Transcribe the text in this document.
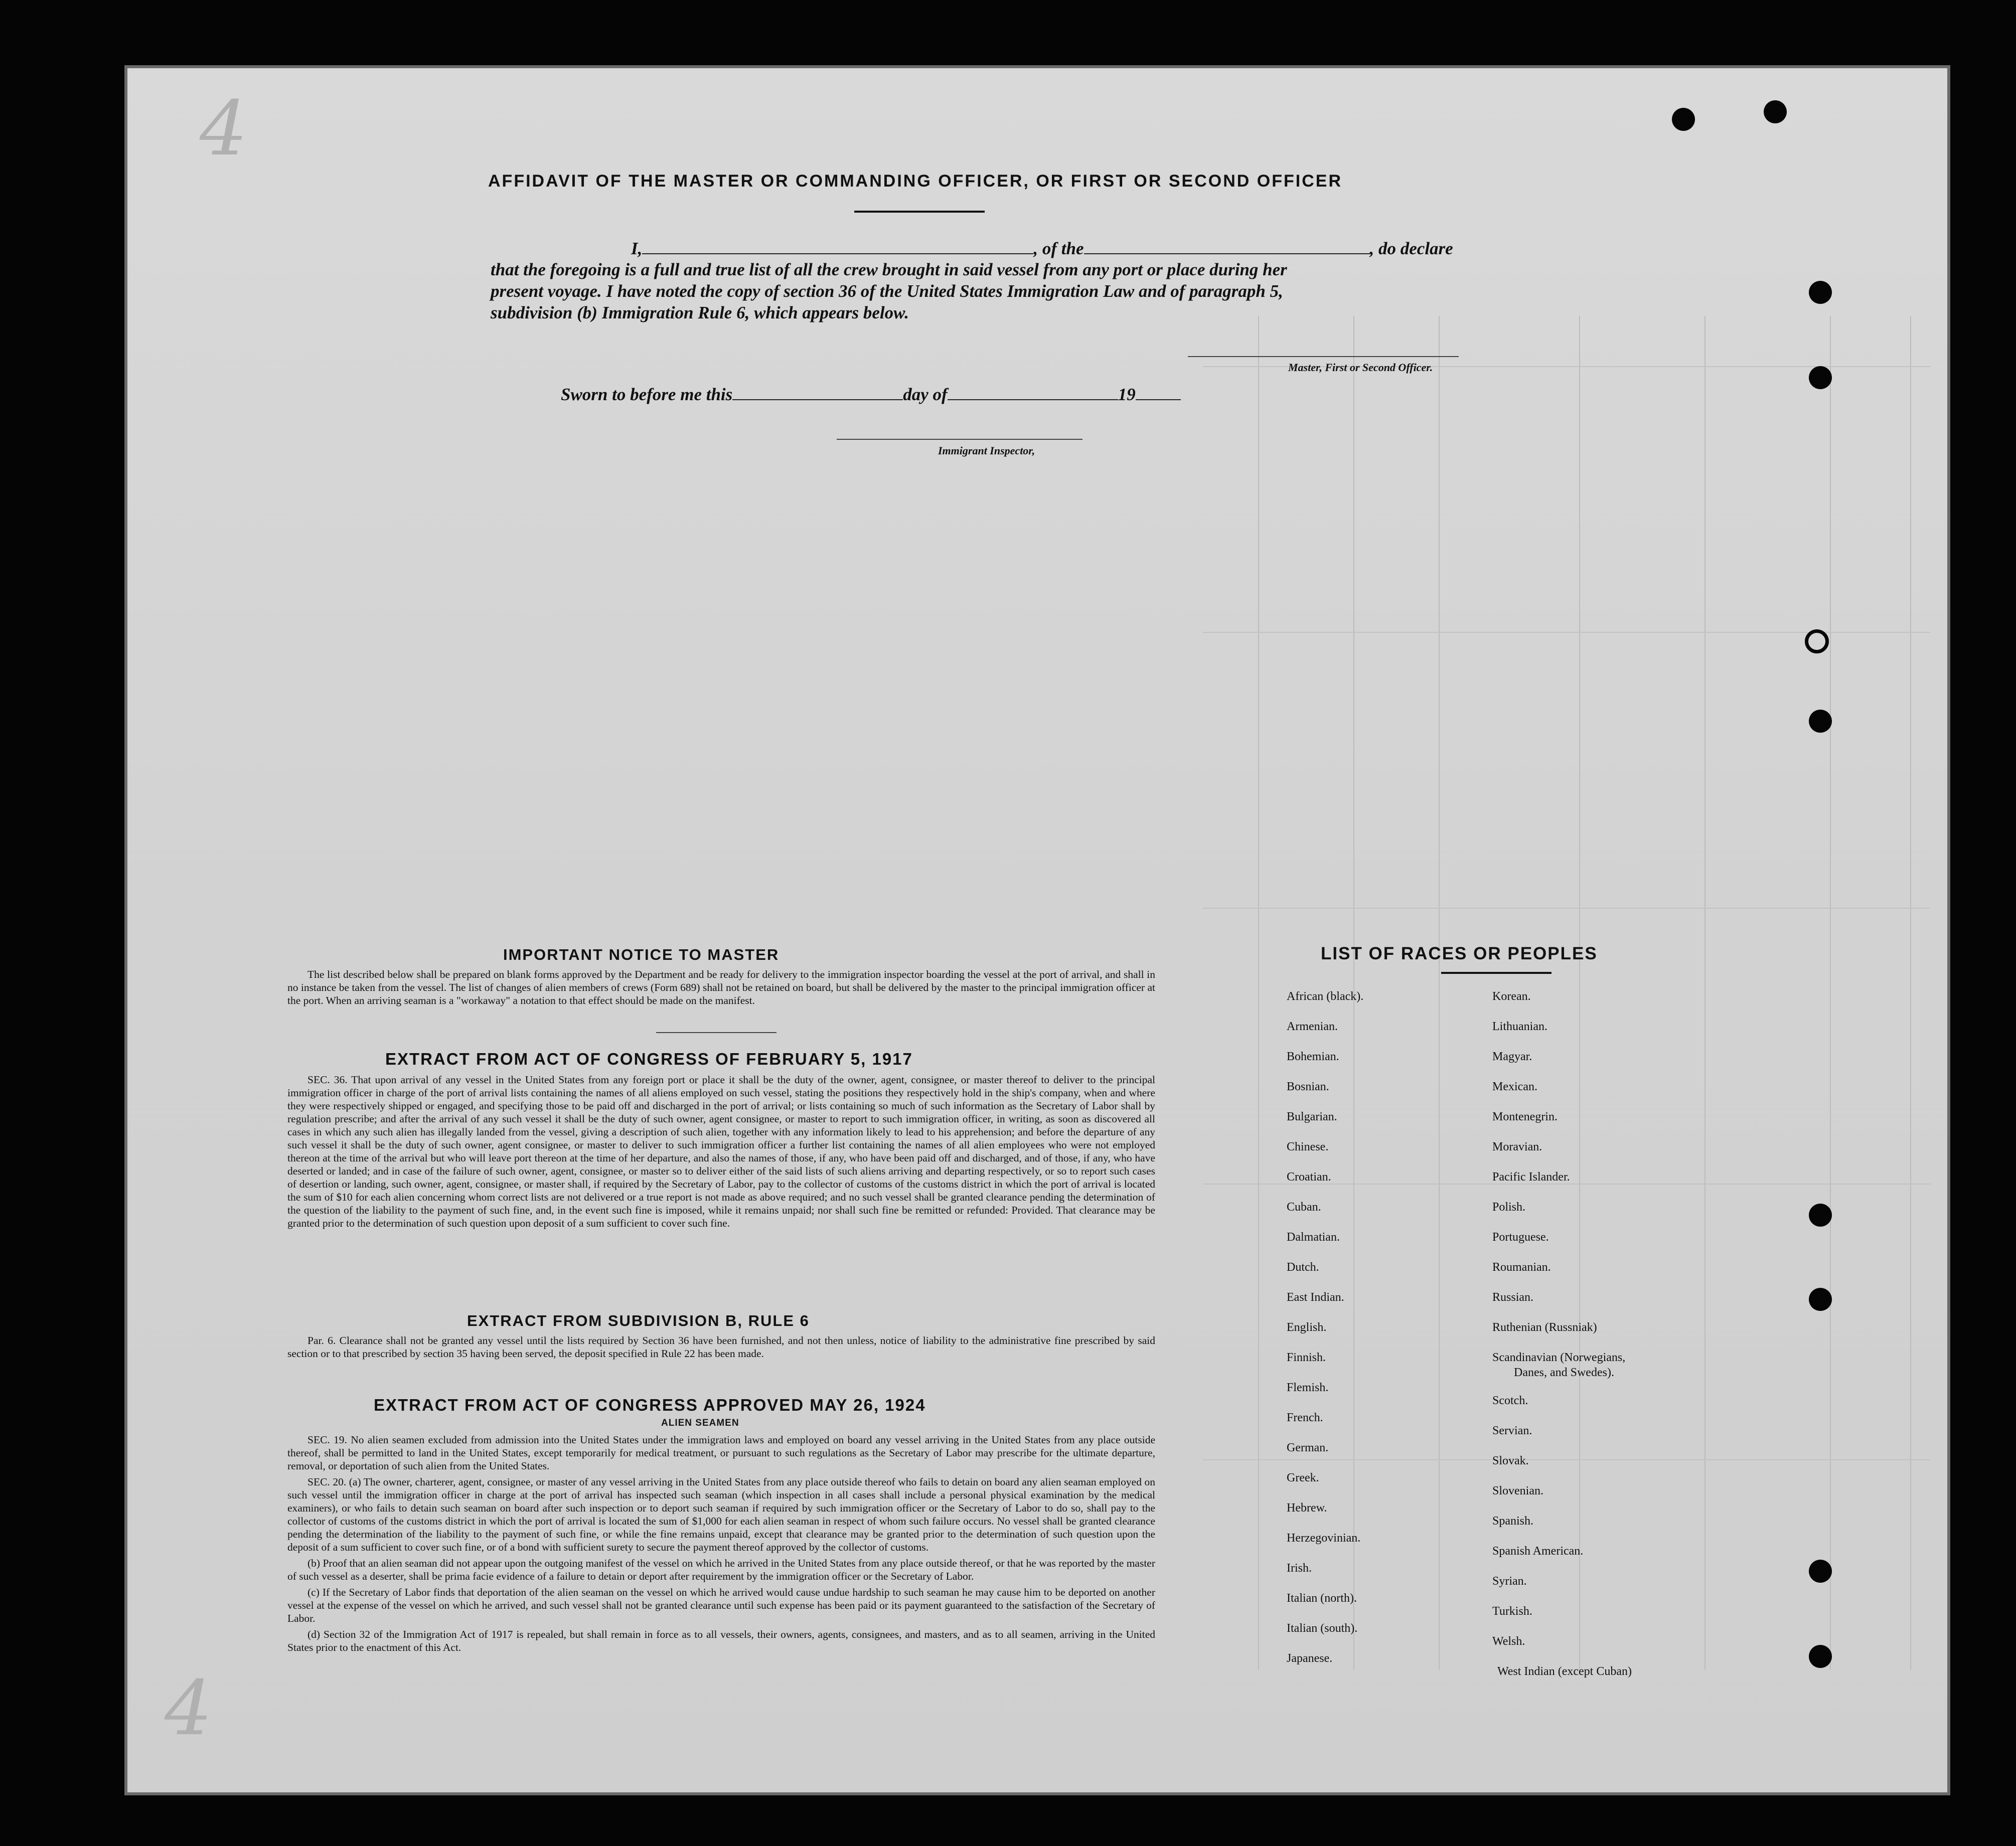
4
4
AFFIDAVIT OF THE MASTER OR COMMANDING OFFICER, OR FIRST OR SECOND OFFICER
I,	, of the	, do declare
that the foregoing is a full and true list of all the crew brought in said vessel from any port or place during her
present voyage. I have noted the copy of section 36 of the United States Immigration Law and of paragraph 5,
subdivision (b) Immigration Rule 6, which appears below.
Master, First or Second Officer.
Sworn to before me this	day of	19
Immigrant Inspector,
IMPORTANT NOTICE TO MASTER

The list described below shall be prepared on blank forms approved by the Department and be ready for delivery to the immigration inspector boarding the vessel at the port of arrival, and shall in no instance be taken from the vessel. The list of changes of alien members of crews (Form 689) shall not be retained on board, but shall be delivered by the master to the principal immigration officer at the port. When an arriving seaman is a "workaway" a notation to that effect should be made on the manifest.

EXTRACT FROM ACT OF CONGRESS OF FEBRUARY 5, 1917

SEC. 36. That upon arrival of any vessel in the United States from any foreign port or place it shall be the duty of the owner, agent, consignee, or master thereof to deliver to the principal immigration officer in charge of the port of arrival lists containing the names of all aliens employed on such vessel, stating the positions they respectively hold in the ship's company, when and where they were respectively shipped or engaged, and specifying those to be paid off and discharged in the port of arrival; or lists containing so much of such information as the Secretary of Labor shall by regulation prescribe; and after the arrival of any such vessel it shall be the duty of such owner, agent consignee, or master to report to such immigration officer, in writing, as soon as discovered all cases in which any such alien has illegally landed from the vessel, giving a description of such alien, together with any information likely to lead to his apprehension; and before the departure of any such vessel it shall be the duty of such owner, agent consignee, or master to deliver to such immigration officer a further list containing the names of all alien employees who were not employed thereon at the time of the arrival but who will leave port thereon at the time of her departure, and also the names of those, if any, who have been paid off and discharged, and of those, if any, who have deserted or landed; and in case of the failure of such owner, agent, consignee, or master so to deliver either of the said lists of such aliens arriving and departing respectively, or so to report such cases of desertion or landing, such owner, agent, consignee, or master shall, if required by the Secretary of Labor, pay to the collector of customs of the customs district in which the port of arrival is located the sum of $10 for each alien concerning whom correct lists are not delivered or a true report is not made as above required; and no such vessel shall be granted clearance pending the determination of the question of the liability to the payment of such fine, and, in the event such fine is imposed, while it remains unpaid; nor shall such fine be remitted or refunded: Provided. That clearance may be granted prior to the determination of such question upon deposit of a sum sufficient to cover such fine.

EXTRACT FROM SUBDIVISION B, RULE 6

Par. 6. Clearance shall not be granted any vessel until the lists required by Section 36 have been furnished, and not then unless, notice of liability to the administrative fine prescribed by said section or to that prescribed by section 35 having been served, the deposit specified in Rule 22 has been made.

EXTRACT FROM ACT OF CONGRESS APPROVED MAY 26, 1924
ALIEN SEAMEN

SEC. 19. No alien seamen excluded from admission into the United States under the immigration laws and employed on board any vessel arriving in the United States from any place outside thereof, shall be permitted to land in the United States, except temporarily for medical treatment, or pursuant to such regulations as the Secretary of Labor may prescribe for the ultimate departure, removal, or deportation of such alien from the United States.

SEC. 20. (a) The owner, charterer, agent, consignee, or master of any vessel arriving in the United States from any place outside thereof who fails to detain on board any alien seaman employed on such vessel until the immigration officer in charge at the port of arrival has inspected such seaman (which inspection in all cases shall include a personal physical examination by the medical examiners), or who fails to detain such seaman on board after such inspection or to deport such seaman if required by such immigration officer or the Secretary of Labor to do so, shall pay to the collector of customs of the customs district in which the port of arrival is located the sum of $1,000 for each alien seaman in respect of whom such failure occurs. No vessel shall be granted clearance pending the determination of the liability to the payment of such fine, or while the fine remains unpaid, except that clearance may be granted prior to the determination of such question upon the deposit of a sum sufficient to cover such fine, or of a bond with sufficient surety to secure the payment thereof approved by the collector of customs.

(b) Proof that an alien seaman did not appear upon the outgoing manifest of the vessel on which he arrived in the United States from any place outside thereof, or that he was reported by the master of such vessel as a deserter, shall be prima facie evidence of a failure to detain or deport after requirement by the immigration officer or the Secretary of Labor.

(c) If the Secretary of Labor finds that deportation of the alien seaman on the vessel on which he arrived would cause undue hardship to such seaman he may cause him to be deported on another vessel at the expense of the vessel on which he arrived, and such vessel shall not be granted clearance until such expense has been paid or its payment guaranteed to the satisfaction of the Secretary of Labor.

(d) Section 32 of the Immigration Act of 1917 is repealed, but shall remain in force as to all vessels, their owners, agents, consignees, and masters, and as to all seamen, arriving in the United States prior to the enactment of this Act.

LIST OF RACES OR PEOPLES
African (black).
Armenian.
Bohemian.
Bosnian.
Bulgarian.
Chinese.
Croatian.
Cuban.
Dalmatian.
Dutch.
East Indian.
English.
Finnish.
Flemish.
French.
German.
Greek.
Hebrew.
Herzegovinian.
Irish.
Italian (north).
Italian (south).
Japanese.
Korean.
Lithuanian.
Magyar.
Mexican.
Montenegrin.
Moravian.
Pacific Islander.
Polish.
Portuguese.
Roumanian.
Russian.
Ruthenian (Russniak)
Scandinavian (Norwegians,
Danes, and Swedes).
Scotch.
Servian.
Slovak.
Slovenian.
Spanish.
Spanish American.
Syrian.
Turkish.
Welsh.
West Indian (except Cuban)
